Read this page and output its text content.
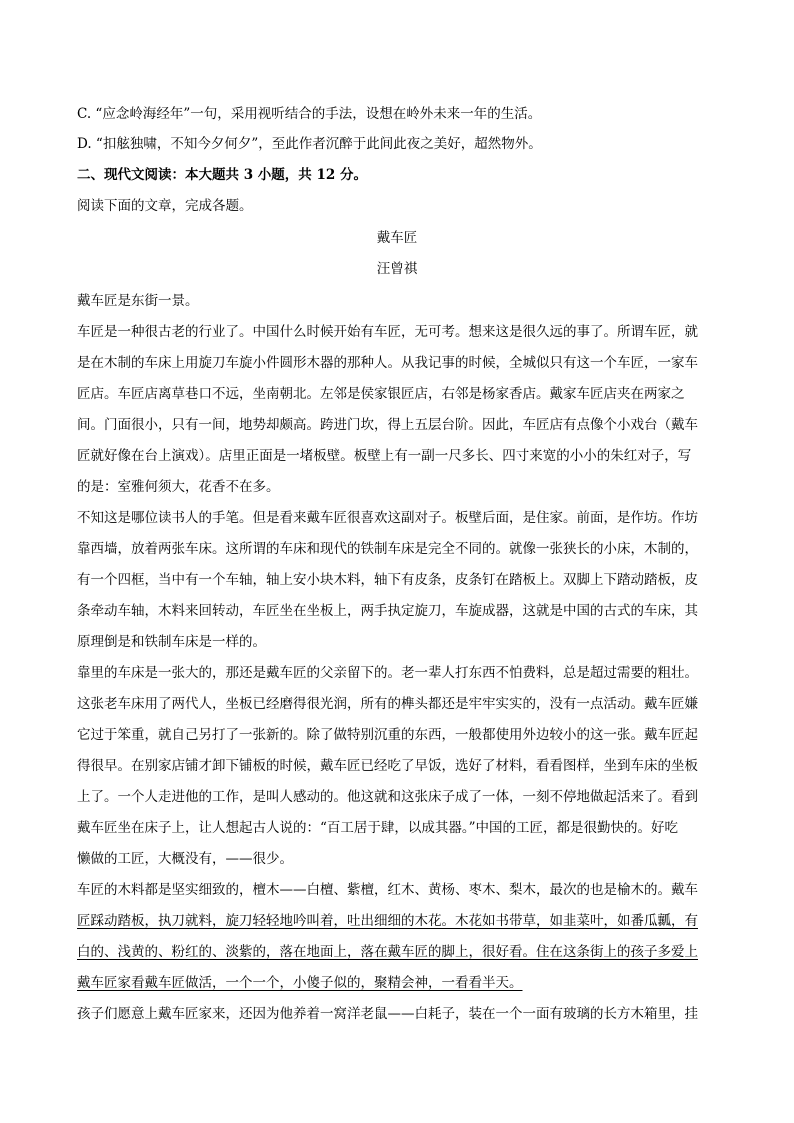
C. “应念岭海经年”一句，采用视听结合的手法，设想在岭外未来一年的生活。
D. “扣舷独啸，不知今夕何夕”，至此作者沉醉于此间此夜之美好，超然物外。
二、现代文阅读：本大题共 3 小题，共 12 分。
阅读下面的文章，完成各题。
戴车匠
汪曾祺
戴车匠是东街一景。
车匠是一种很古老的行业了。中国什么时候开始有车匠，无可考。想来这是很久远的事了。所谓车匠，就
是在木制的车床上用旋刀车旋小件圆形木器的那种人。从我记事的时候，全城似只有这一个车匠，一家车
匠店。车匠店离草巷口不远，坐南朝北。左邻是侯家银匠店，右邻是杨家香店。戴家车匠店夹在两家之
间。门面很小，只有一间，地势却颇高。跨进门坎，得上五层台阶。因此，车匠店有点像个小戏台（戴车
匠就好像在台上演戏）。店里正面是一堵板壁。板壁上有一副一尺多长、四寸来宽的小小的朱红对子，写
的是：室雅何须大，花香不在多。
不知这是哪位读书人的手笔。但是看来戴车匠很喜欢这副对子。板壁后面，是住家。前面，是作坊。作坊
靠西墙，放着两张车床。这所谓的车床和现代的铁制车床是完全不同的。就像一张狭长的小床，木制的，
有一个四框，当中有一个车轴，轴上安小块木料，轴下有皮条，皮条钉在踏板上。双脚上下踏动踏板，皮
条牵动车轴，木料来回转动，车匠坐在坐板上，两手执定旋刀，车旋成器，这就是中国的古式的车床，其
原理倒是和铁制车床是一样的。
靠里的车床是一张大的，那还是戴车匠的父亲留下的。老一辈人打东西不怕费料，总是超过需要的粗壮。
这张老车床用了两代人，坐板已经磨得很光润，所有的榫头都还是牢牢实实的，没有一点活动。戴车匠嫌
它过于笨重，就自己另打了一张新的。除了做特别沉重的东西，一般都使用外边较小的这一张。戴车匠起
得很早。在别家店铺才卸下铺板的时候，戴车匠已经吃了早饭，选好了材料，看看图样，坐到车床的坐板
上了。一个人走进他的工作，是叫人感动的。他这就和这张床子成了一体，一刻不停地做起活来了。看到
戴车匠坐在床子上，让人想起古人说的：“百工居于肆，以成其器。”中国的工匠，都是很勤快的。好吃
懒做的工匠，大概没有，——很少。
车匠的木料都是坚实细致的，檀木——白檀、紫檀，红木、黄杨、枣木、梨木，最次的也是榆木的。戴车
匠踩动踏板，执刀就料，旋刀轻轻地吟叫着，吐出细细的木花。木花如书带草，如韭菜叶，如番瓜瓤，有
白的、浅黄的、粉红的、淡紫的，落在地面上，落在戴车匠的脚上，很好看。住在这条街上的孩子多爱上
戴车匠家看戴车匠做活，一个一个，小傻子似的，聚精会神，一看看半天。
孩子们愿意上戴车匠家来，还因为他养着一窝洋老鼠——白耗子，装在一个一面有玻璃的长方木箱里，挂
